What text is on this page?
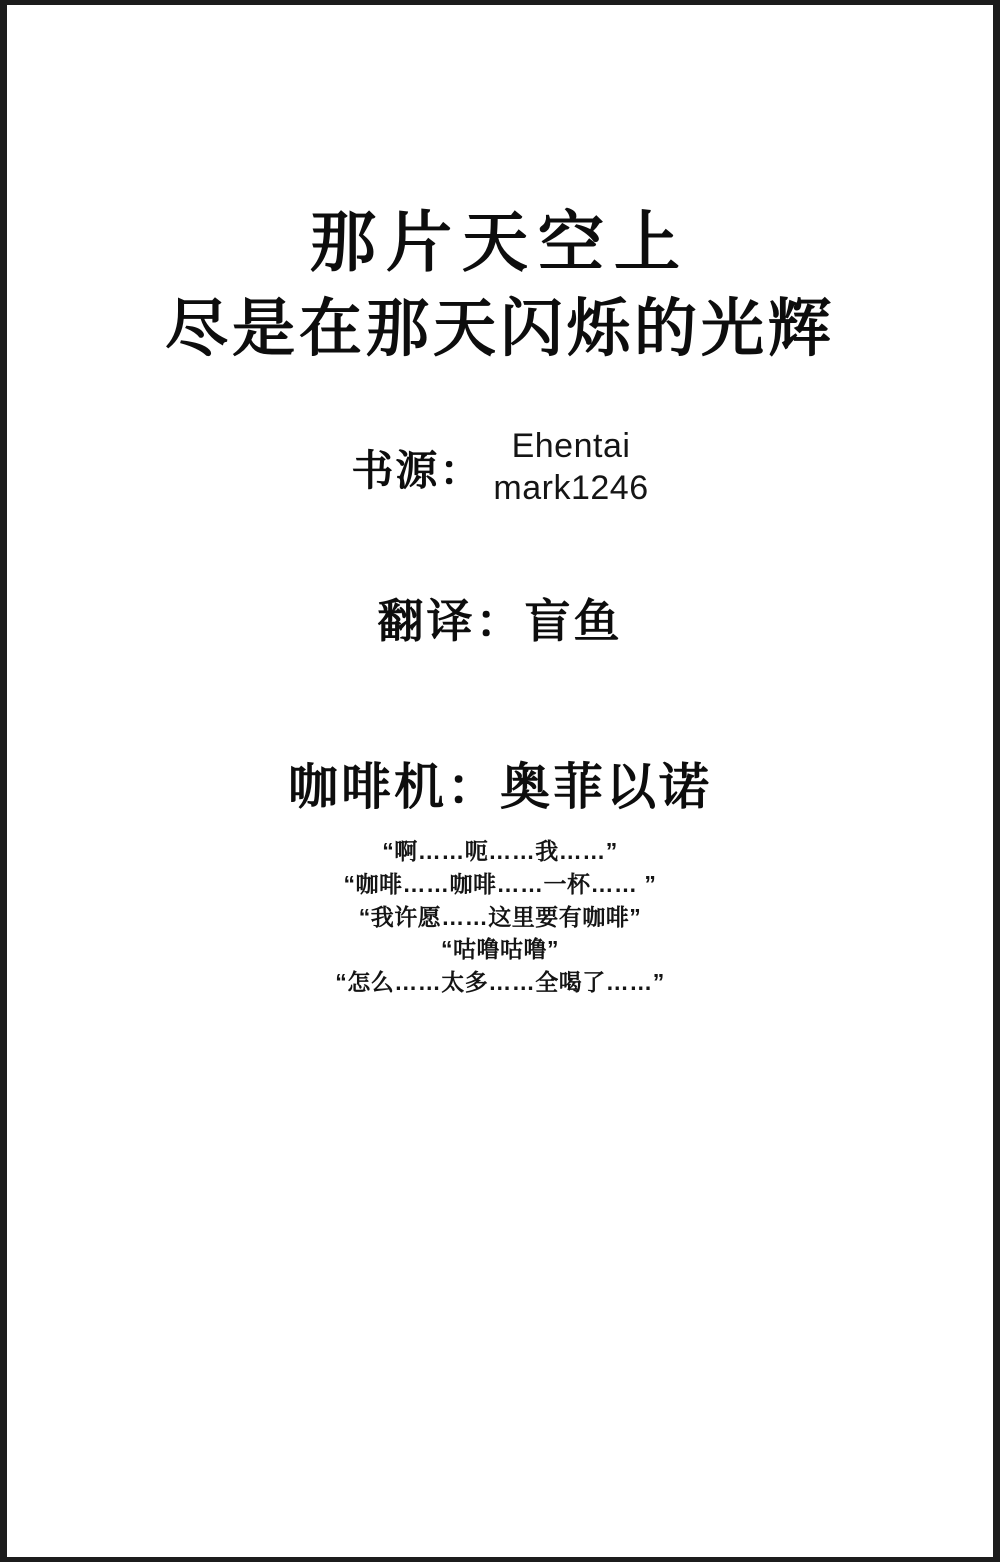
那片天空上
尽是在那天闪烁的光辉
书源：
Ehentai
mark1246
翻译：盲鱼
咖啡机：奥菲以诺
“啊……呃……我……”
“咖啡……咖啡……一杯…… ”
“我许愿……这里要有咖啡”
“咕噜咕噜”
“怎么……太多……全喝了……”
